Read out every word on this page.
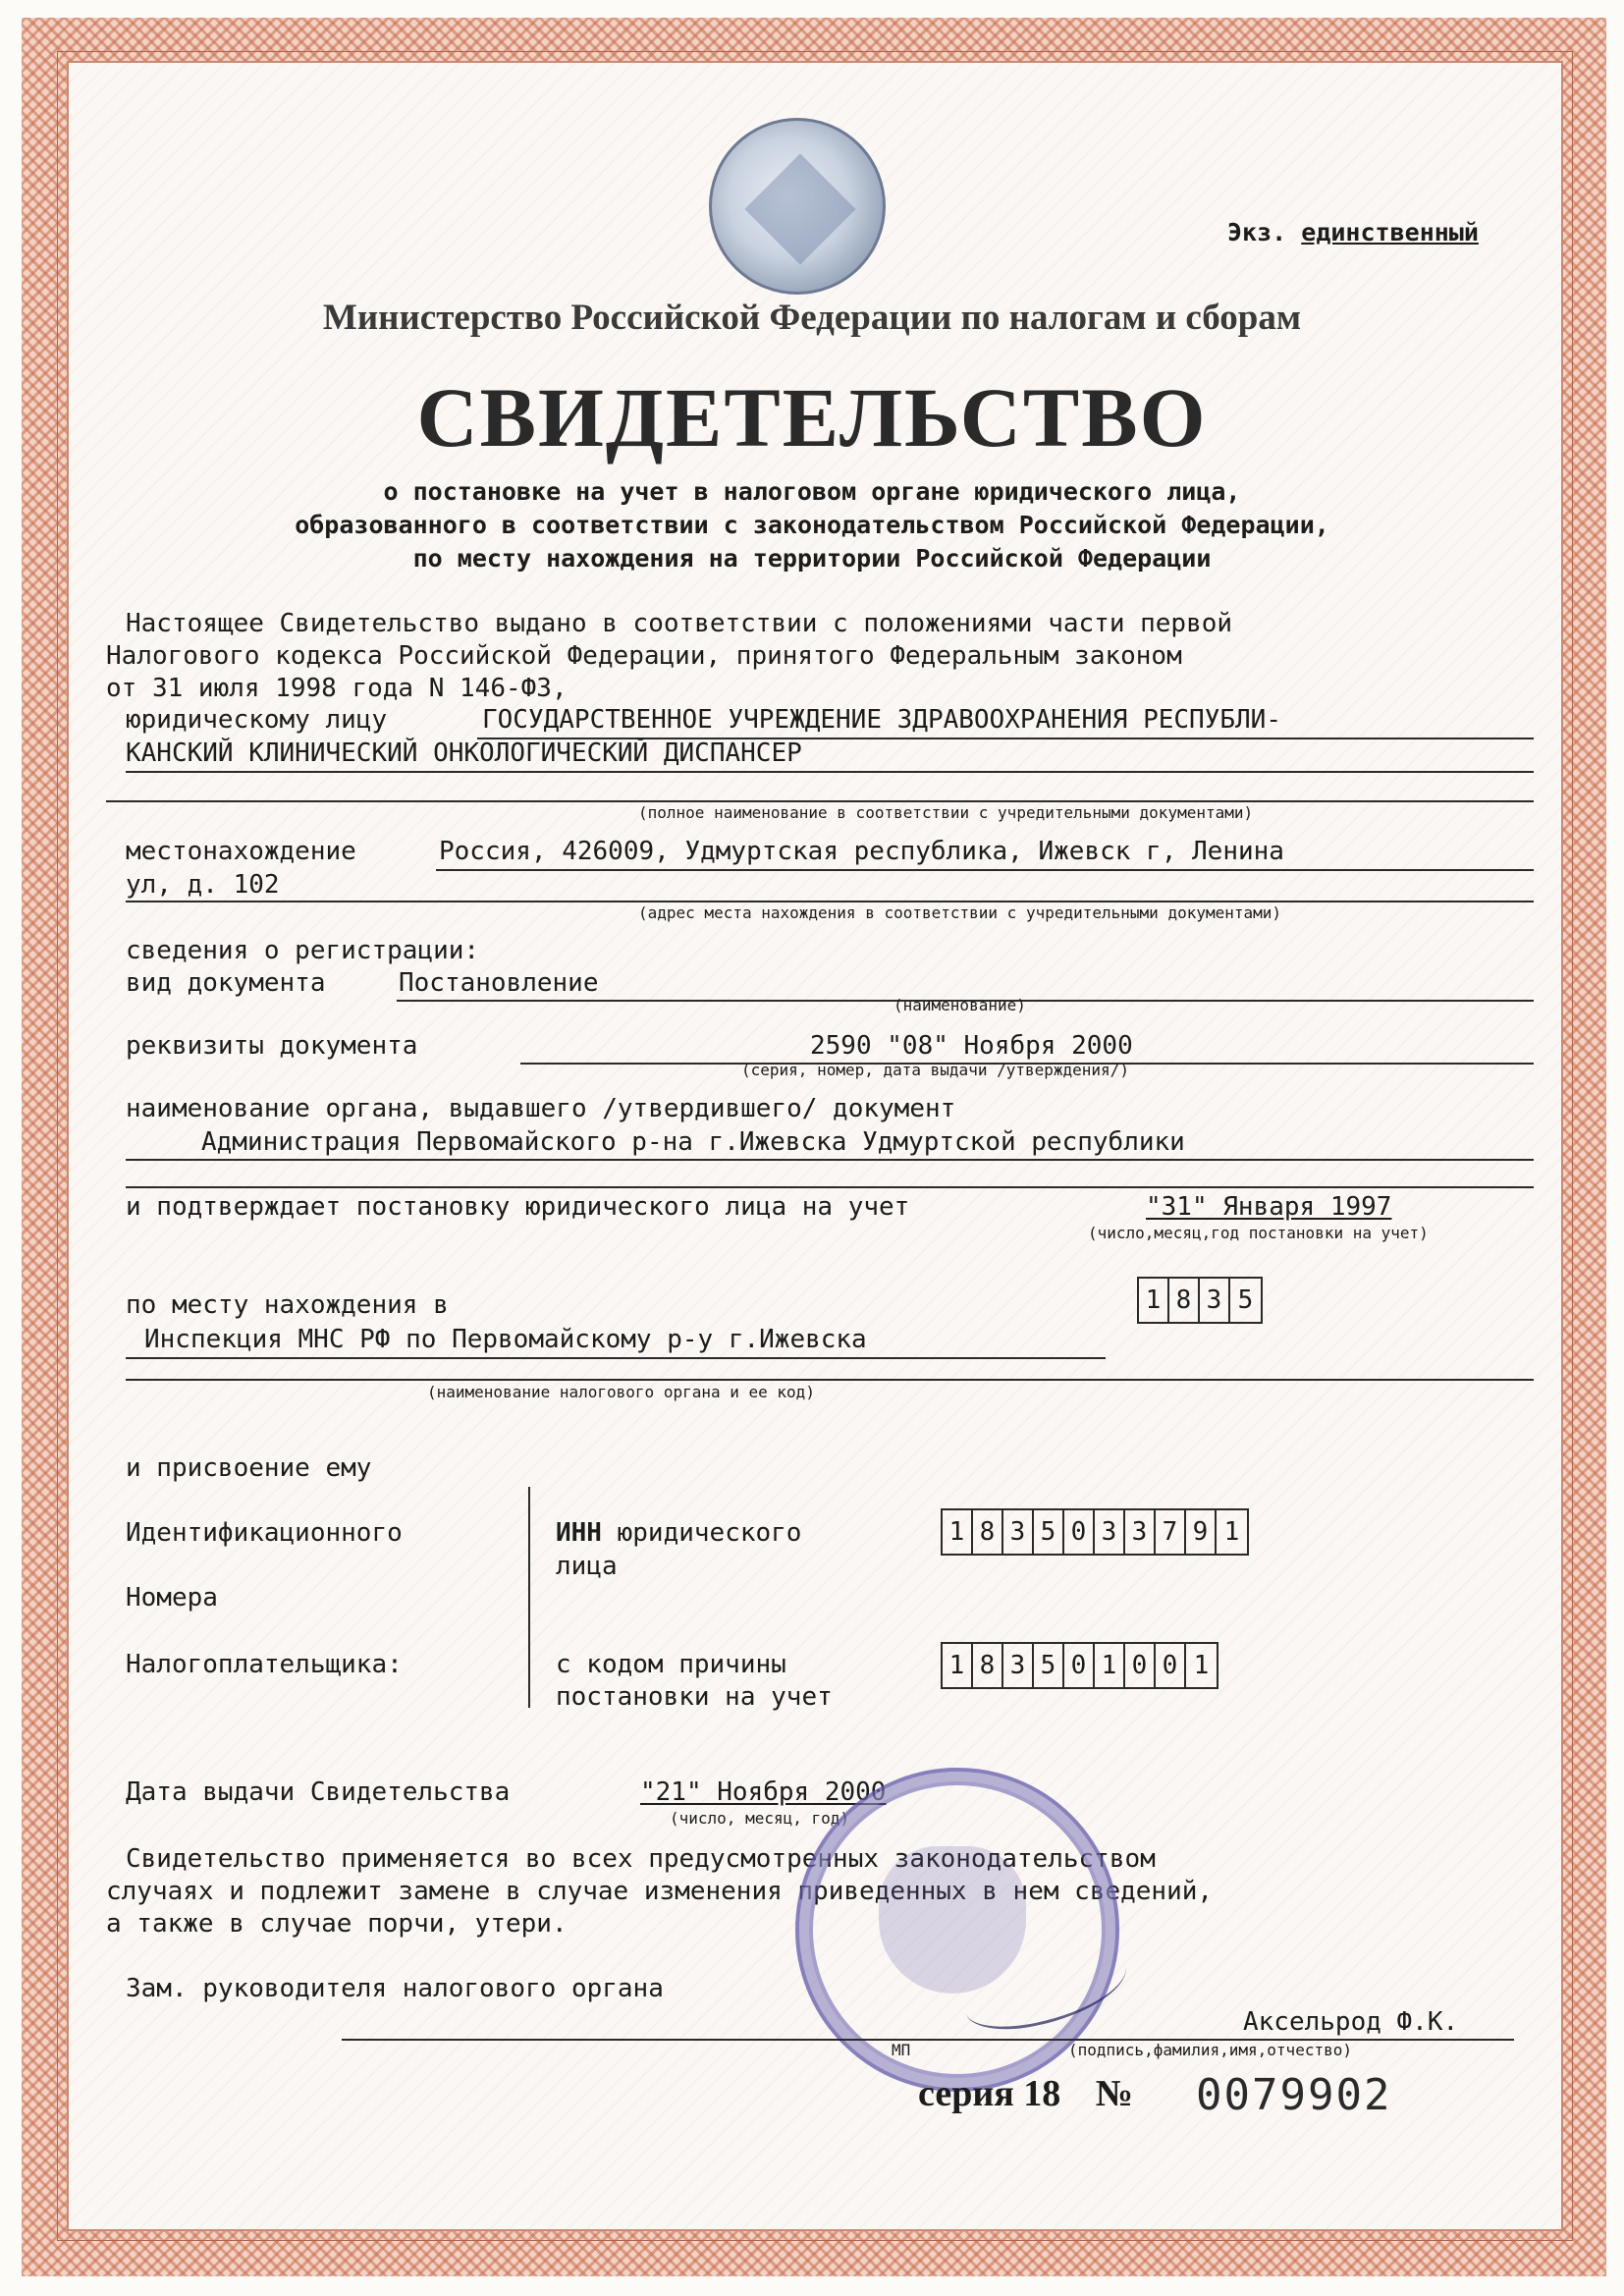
Экз. единственный
Министерство Российской Федерации по налогам и сборам
СВИДЕТЕЛЬСТВО
о постановке на учет в налоговом органе юридического лица,
образованного в соответствии с законодательством Российской Федерации,
по месту нахождения на территории Российской Федерации
Настоящее Свидетельство выдано в соответствии с положениями части первой
Налогового кодекса Российской Федерации, принятого Федеральным законом
от 31 июля 1998 года N 146-ФЗ,
юридическому лицу	ГОСУДАРСТВЕННОЕ УЧРЕЖДЕНИЕ ЗДРАВООХРАНЕНИЯ РЕСПУБЛИ-
КАНСКИЙ КЛИНИЧЕСКИЙ ОНКОЛОГИЧЕСКИЙ ДИСПАНСЕР
(полное наименование в соответствии с учредительными документами)
местонахождение	Россия, 426009, Удмуртская республика, Ижевск г, Ленина
ул, д. 102
(адрес места нахождения в соответствии с учредительными документами)
сведения о регистрации:
вид документа	Постановление
(наименование)
реквизиты документа	2590 "08" Ноября 2000
(серия, номер, дата выдачи /утверждения/)
наименование органа, выдавшего /утвердившего/ документ
Администрация Первомайского р-на г.Ижевска Удмуртской республики
и подтверждает постановку юридического лица на учет	"31" Января 1997
(число,месяц,год постановки на учет)
по месту нахождения в
Инспекция МНС РФ по Первомайскому р-у г.Ижевска
1 8 3 5
(наименование налогового органа и ее код)
и присвоение ему
Идентификационного
Номера
Налогоплательщика:
ИНН юридического
лица
1 8 3 5 0 3 3 7 9 1
с кодом причины
постановки на учет
1 8 3 5 0 1 0 0 1
Дата выдачи Свидетельства	"21" Ноября 2000
(число, месяц, год)
Свидетельство применяется во всех предусмотренных законодательством
случаях и подлежит замене в случае изменения приведенных в нем сведений,
а также в случае порчи, утери.
Зам. руководителя налогового органа
Аксельрод Ф.К.
МП	(подпись,фамилия,имя,отчество)
серия 18 № 0079902
